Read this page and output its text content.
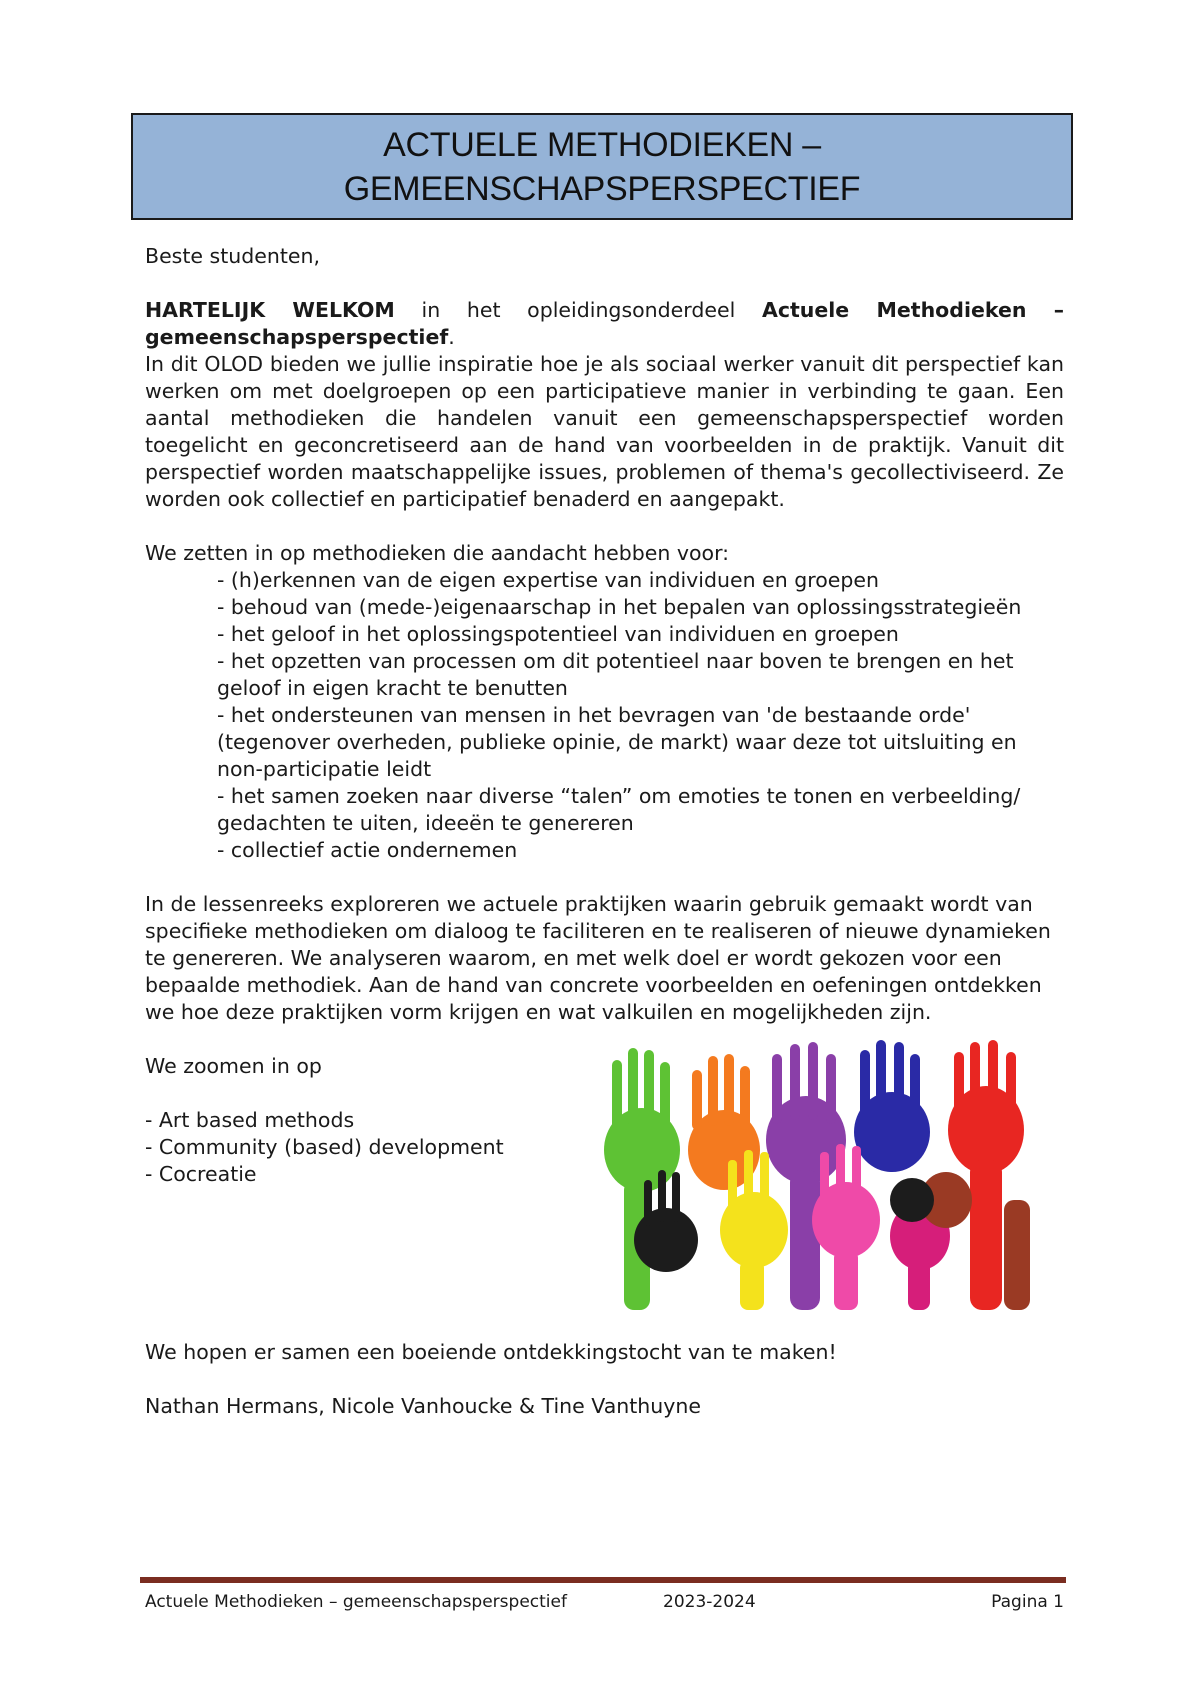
ACTUELE METHODIEKEN –
GEMEENSCHAPSPERSPECTIEF

Beste studenten,

HARTELIJK WELKOM in het opleidingsonderdeel Actuele Methodieken – gemeenschapsperspectief.

In dit OLOD bieden we jullie inspiratie hoe je als sociaal werker vanuit dit perspectief kan werken om met doelgroepen op een participatieve manier in verbinding te gaan. Een aantal methodieken die handelen vanuit een gemeenschapsperspectief worden toegelicht en geconcretiseerd aan de hand van voorbeelden in de praktijk. Vanuit dit perspectief worden maatschappelijke issues, problemen of thema's gecollectiviseerd. Ze worden ook collectief en participatief benaderd en aangepakt.

We zetten in op methodieken die aandacht hebben voor:

- (h)erkennen van de eigen expertise van individuen en groepen
- behoud van (mede-)eigenaarschap in het bepalen van oplossingsstrategieën
- het geloof in het oplossingspotentieel van individuen en groepen
- het opzetten van processen om dit potentieel naar boven te brengen en het geloof in eigen kracht te benutten
- het ondersteunen van mensen in het bevragen van 'de bestaande orde' (tegenover overheden, publieke opinie, de markt) waar deze tot uitsluiting en non-participatie leidt
- het samen zoeken naar diverse “talen” om emoties te tonen en verbeelding/ gedachten te uiten, ideeën te genereren
- collectief actie ondernemen

In de lessenreeks exploreren we actuele praktijken waarin gebruik gemaakt wordt van specifieke methodieken om dialoog te faciliteren en te realiseren of nieuwe dynamieken te genereren. We analyseren waarom, en met welk doel er wordt gekozen voor een bepaalde methodiek. Aan de hand van concrete voorbeelden en oefeningen ontdekken we hoe deze praktijken vorm krijgen en wat valkuilen en mogelijkheden zijn.

We zoomen in op

- Art based methods

- Community (based) development

- Cocreatie

We hopen er samen een boeiende ontdekkingstocht van te maken!

Nathan Hermans, Nicole Vanhoucke & Tine Vanthuyne

Actuele Methodieken – gemeenschapsperspectief	2023-2024	Pagina 1
